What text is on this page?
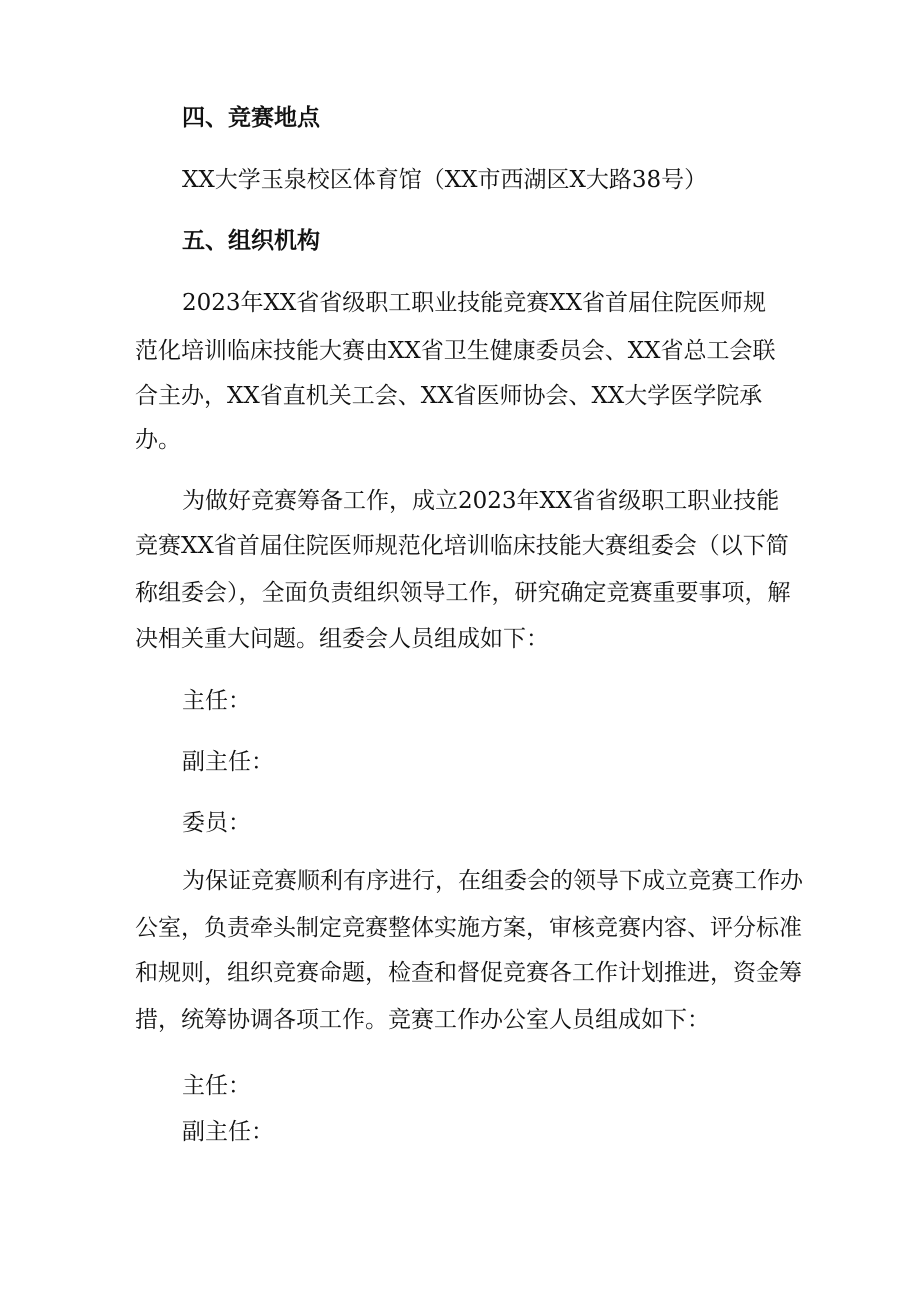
四、竞赛地点

XX大学玉泉校区体育馆（XX市西湖区X大路38号）

五、组织机构

2023年XX省省级职工职业技能竞赛XX省首届住院医师规

范化培训临床技能大赛由XX省卫生健康委员会、XX省总工会联

合主办，XX省直机关工会、XX省医师协会、XX大学医学院承

办。

为做好竞赛筹备工作，成立2023年XX省省级职工职业技能

竞赛XX省首届住院医师规范化培训临床技能大赛组委会（以下简

称组委会），全面负责组织领导工作，研究确定竞赛重要事项，解

决相关重大问题。组委会人员组成如下：

主任：

副主任：

委员：

为保证竞赛顺利有序进行，在组委会的领导下成立竞赛工作办

公室，负责牵头制定竞赛整体实施方案，审核竞赛内容、评分标准

和规则，组织竞赛命题，检查和督促竞赛各工作计划推进，资金筹

措，统筹协调各项工作。竞赛工作办公室人员组成如下：

主任：

副主任：
